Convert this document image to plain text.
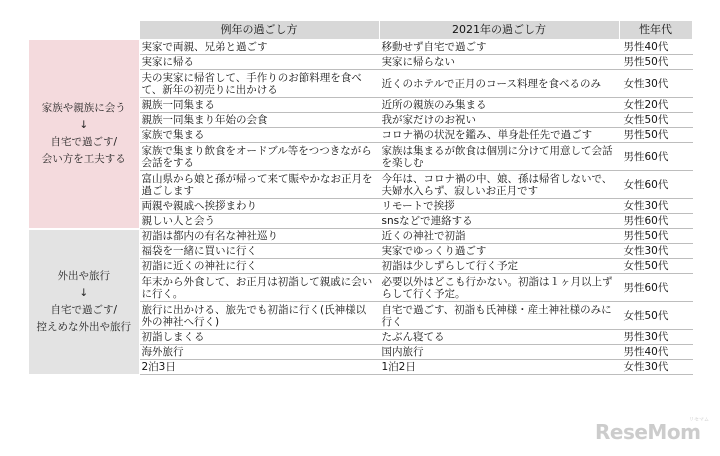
	例年の過ごし方	2021年の過ごし方	性年代

家族や親族に会う
↓
自宅で過ごす/
会い方を工夫する	実家で両親、兄弟と過ごす	移動せず自宅で過ごす	男性40代
	実家に帰る	実家に帰らない	男性50代
	夫の実家に帰省して、手作りのお節料理を食べて、新年の初売りに出かける	近くのホテルで正月のコース料理を食べるのみ	女性30代
	親族一同集まる	近所の親族のみ集まる	女性20代
	親族一同集まり年始の会食	我が家だけのお祝い	女性50代
	家族で集まる	コロナ禍の状況を鑑み、単身赴任先で過ごす	男性50代
	家族で集まり飲食をオードブル等をつつきながら会話をする	家族は集まるが飲食は個別に分けて用意して会話を楽しむ	男性60代
	富山県から娘と孫が帰って来て賑やかなお正月を過ごします	今年は、コロナ禍の中、娘、孫は帰省しないで、夫婦水入らず、寂しいお正月です	女性60代
	両親や親戚へ挨拶まわり	リモートで挨拶	女性30代
	親しい人と会う	snsなどで連絡する	男性60代

外出や旅行
↓
自宅で過ごす/
控えめな外出や旅行	初詣は都内の有名な神社巡り	近くの神社で初詣	男性50代
	福袋を一緒に買いに行く	実家でゆっくり過ごす	女性30代
	初詣に近くの神社に行く	初詣は少しずらして行く予定	女性50代
	年末から外食して、お正月は初詣して親戚に会いに行く。	必要以外はどこも行かない。初詣は１ヶ月以上ずらして行く予定。	男性60代
	旅行に出かける、旅先でも初詣に行く(氏神様以外の神社へ行く)	自宅で過ごす、初詣も氏神様・産土神社様のみに行く	女性50代
	初詣しまくる	たぶん寝てる	男性30代
	海外旅行	国内旅行	男性40代
	2泊3日	1泊2日	女性30代
ReseMom
リセマム
